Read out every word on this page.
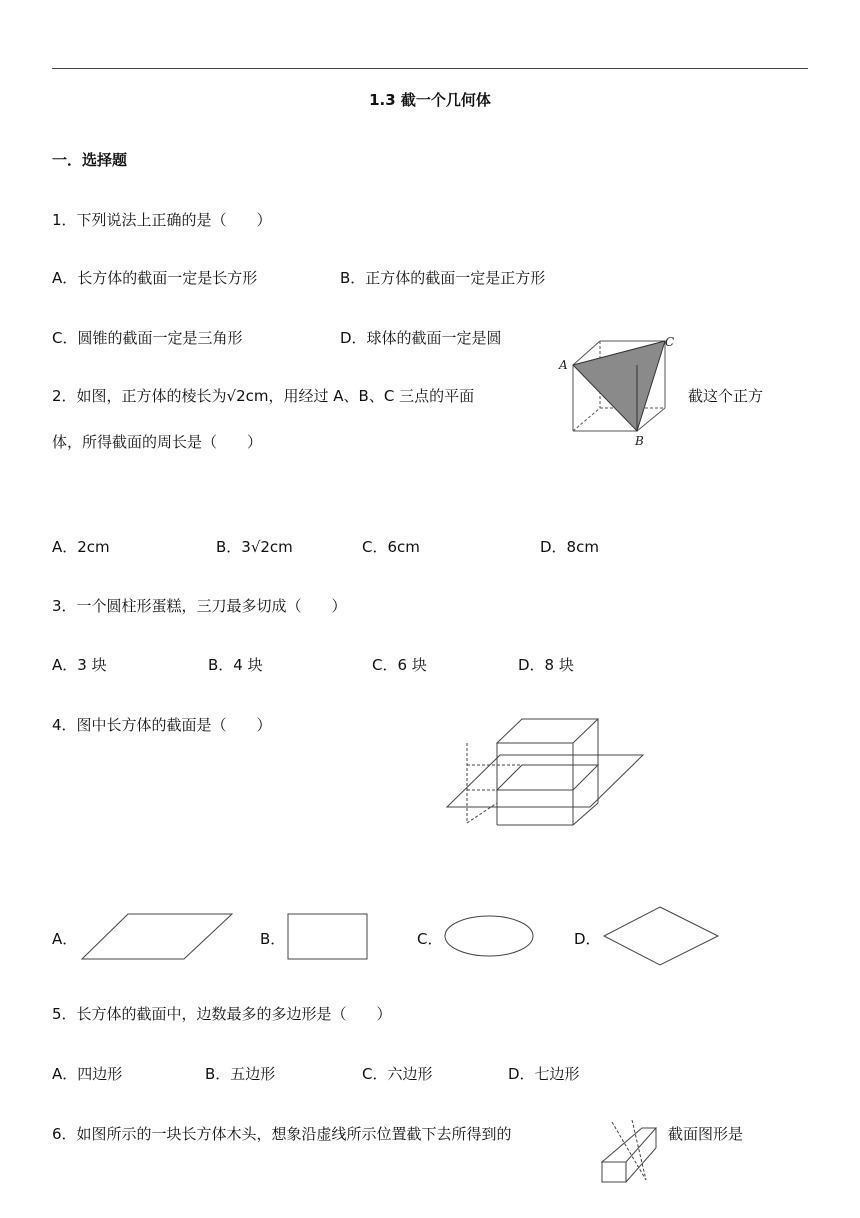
1.3 截一个几何体
一．选择题
1．下列说法上正确的是（　　）
A．长方体的截面一定是长方形	B．正方体的截面一定是正方形
C．圆锥的截面一定是三角形	D．球体的截面一定是圆
2．如图，正方体的棱长为√2cm，用经过 A、B、C 三点的平面	截这个正方
体，所得截面的周长是（　　）
A
B
C
A．2cm	B．3√2cm	C．6cm	D．8cm
3．一个圆柱形蛋糕，三刀最多切成（　　）
A．3 块	B．4 块	C．6 块	D．8 块
4．图中长方体的截面是（　　）
A．	B．	C．	D．
5．长方体的截面中，边数最多的多边形是（　　）
A．四边形	B．五边形	C．六边形	D．七边形
6．如图所示的一块长方体木头，想象沿虚线所示位置截下去所得到的	截面图形是
